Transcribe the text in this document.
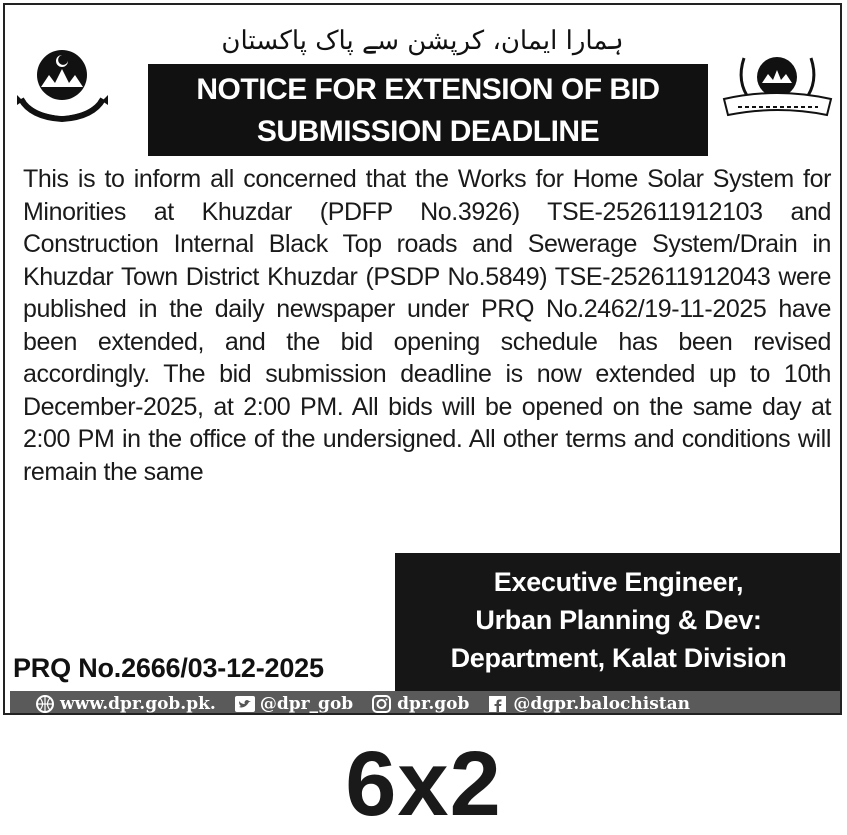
ہمارا ایمان، کرپشن سے پاک پاکستان
NOTICE FOR EXTENSION OF BID
SUBMISSION DEADLINE
This is to inform all concerned that the Works for Home Solar System for Minorities at Khuzdar (PDFP No.3926) TSE-252611912103 and Construction Internal Black Top roads and Sewerage System/Drain in Khuzdar Town District Khuzdar (PSDP No.5849) TSE-252611912043 were published in the daily newspaper under PRQ No.2462/19-11-2025 have been extended, and the bid opening schedule has been revised accordingly. The bid submission deadline is now extended up to 10th December-2025, at 2:00 PM. All bids will be opened on the same day at 2:00 PM in the office of the undersigned. All other terms and conditions will remain the same
Executive Engineer,
Urban Planning & Dev:
Department, Kalat Division
PRQ No.2666/03-12-2025
www.dpr.gob.pk.	@dpr_gob	dpr.gob	@dgpr.balochistan
6x2
